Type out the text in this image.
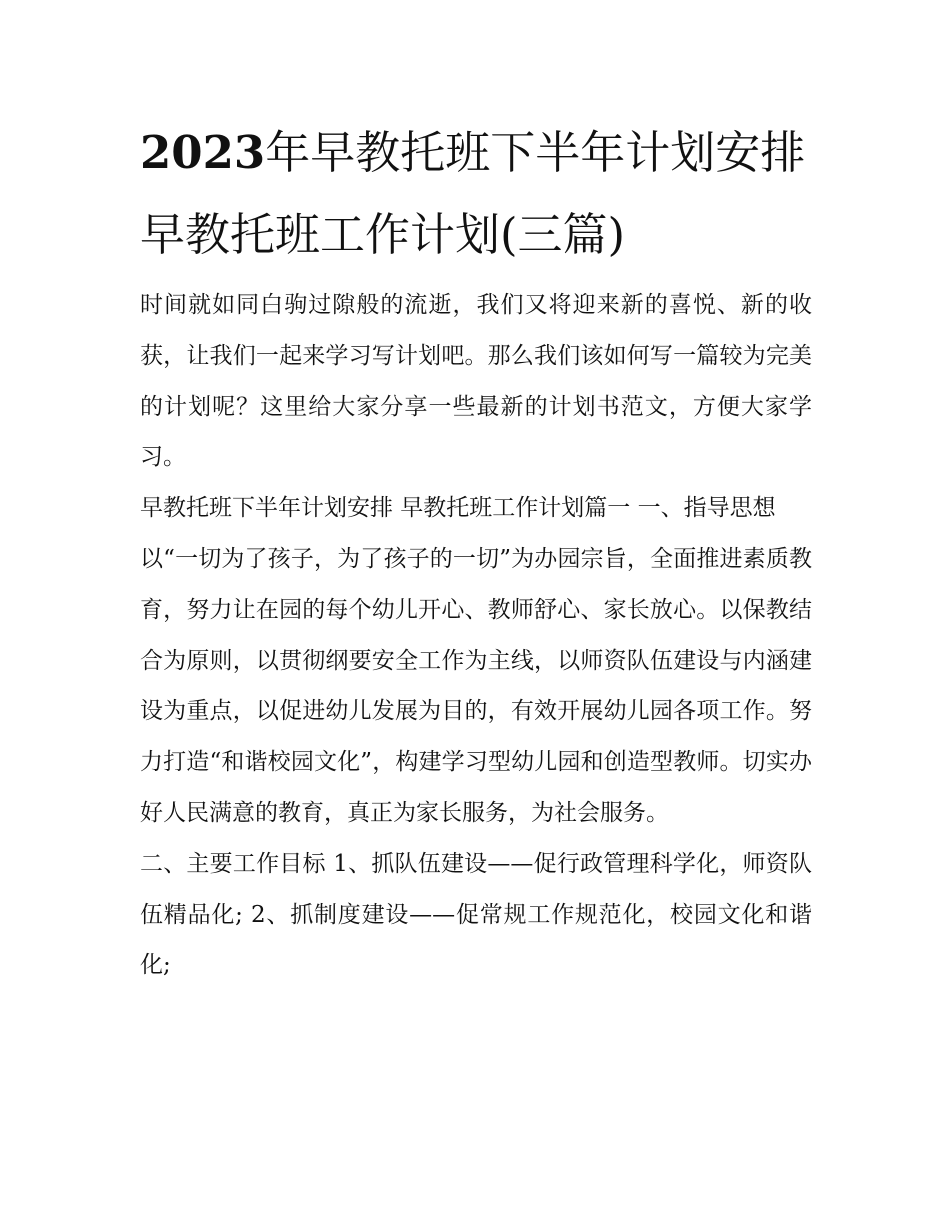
2023年早教托班下半年计划安排 早教托班工作计划(三篇)

时间就如同白驹过隙般的流逝，我们又将迎来新的喜悦、新的收获，让我们一起来学习写计划吧。那么我们该如何写一篇较为完美的计划呢？这里给大家分享一些最新的计划书范文，方便大家学习。

早教托班下半年计划安排 早教托班工作计划篇一 一、指导思想

以“一切为了孩子，为了孩子的一切”为办园宗旨，全面推进素质教育，努力让在园的每个幼儿开心、教师舒心、家长放心。以保教结合为原则，以贯彻纲要安全工作为主线，以师资队伍建设与内涵建设为重点，以促进幼儿发展为目的，有效开展幼儿园各项工作。努力打造“和谐校园文化”，构建学习型幼儿园和创造型教师。切实办好人民满意的教育，真正为家长服务，为社会服务。

二、主要工作目标 1、抓队伍建设——促行政管理科学化，师资队伍精品化; 2、抓制度建设——促常规工作规范化，校园文化和谐化;
